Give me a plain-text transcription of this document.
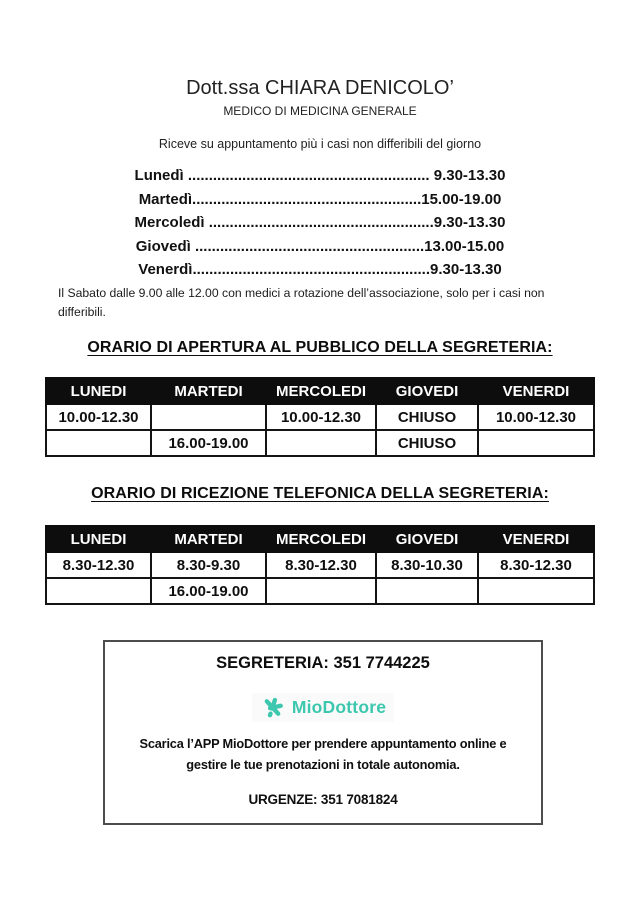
Dott.ssa CHIARA DENICOLO’
MEDICO DI MEDICINA GENERALE
Riceve su appuntamento più i casi non differibili del giorno
Lunedì .......................................................... 9.30-13.30
Martedì.......................................................15.00-19.00
Mercoledì ......................................................9.30-13.30
Giovedì .......................................................13.00-15.00
Venerdì.........................................................9.30-13.30
Il Sabato dalle 9.00 alle 12.00 con medici a rotazione dell’associazione, solo per i casi non differibili.
ORARIO DI APERTURA AL PUBBLICO DELLA SEGRETERIA:
LUNEDI	MARTEDI	MERCOLEDI	GIOVEDI	VENERDI
10.00-12.30		10.00-12.30	CHIUSO	10.00-12.30
	16.00-19.00		CHIUSO	
ORARIO DI RICEZIONE TELEFONICA DELLA SEGRETERIA:
LUNEDI	MARTEDI	MERCOLEDI	GIOVEDI	VENERDI
8.30-12.30	8.30-9.30	8.30-12.30	8.30-10.30	8.30-12.30
	16.00-19.00			
SEGRETERIA: 351 7744225
MioDottore
Scarica l’APP MioDottore per prendere appuntamento online e
gestire le tue prenotazioni in totale autonomia.
URGENZE: 351 7081824
